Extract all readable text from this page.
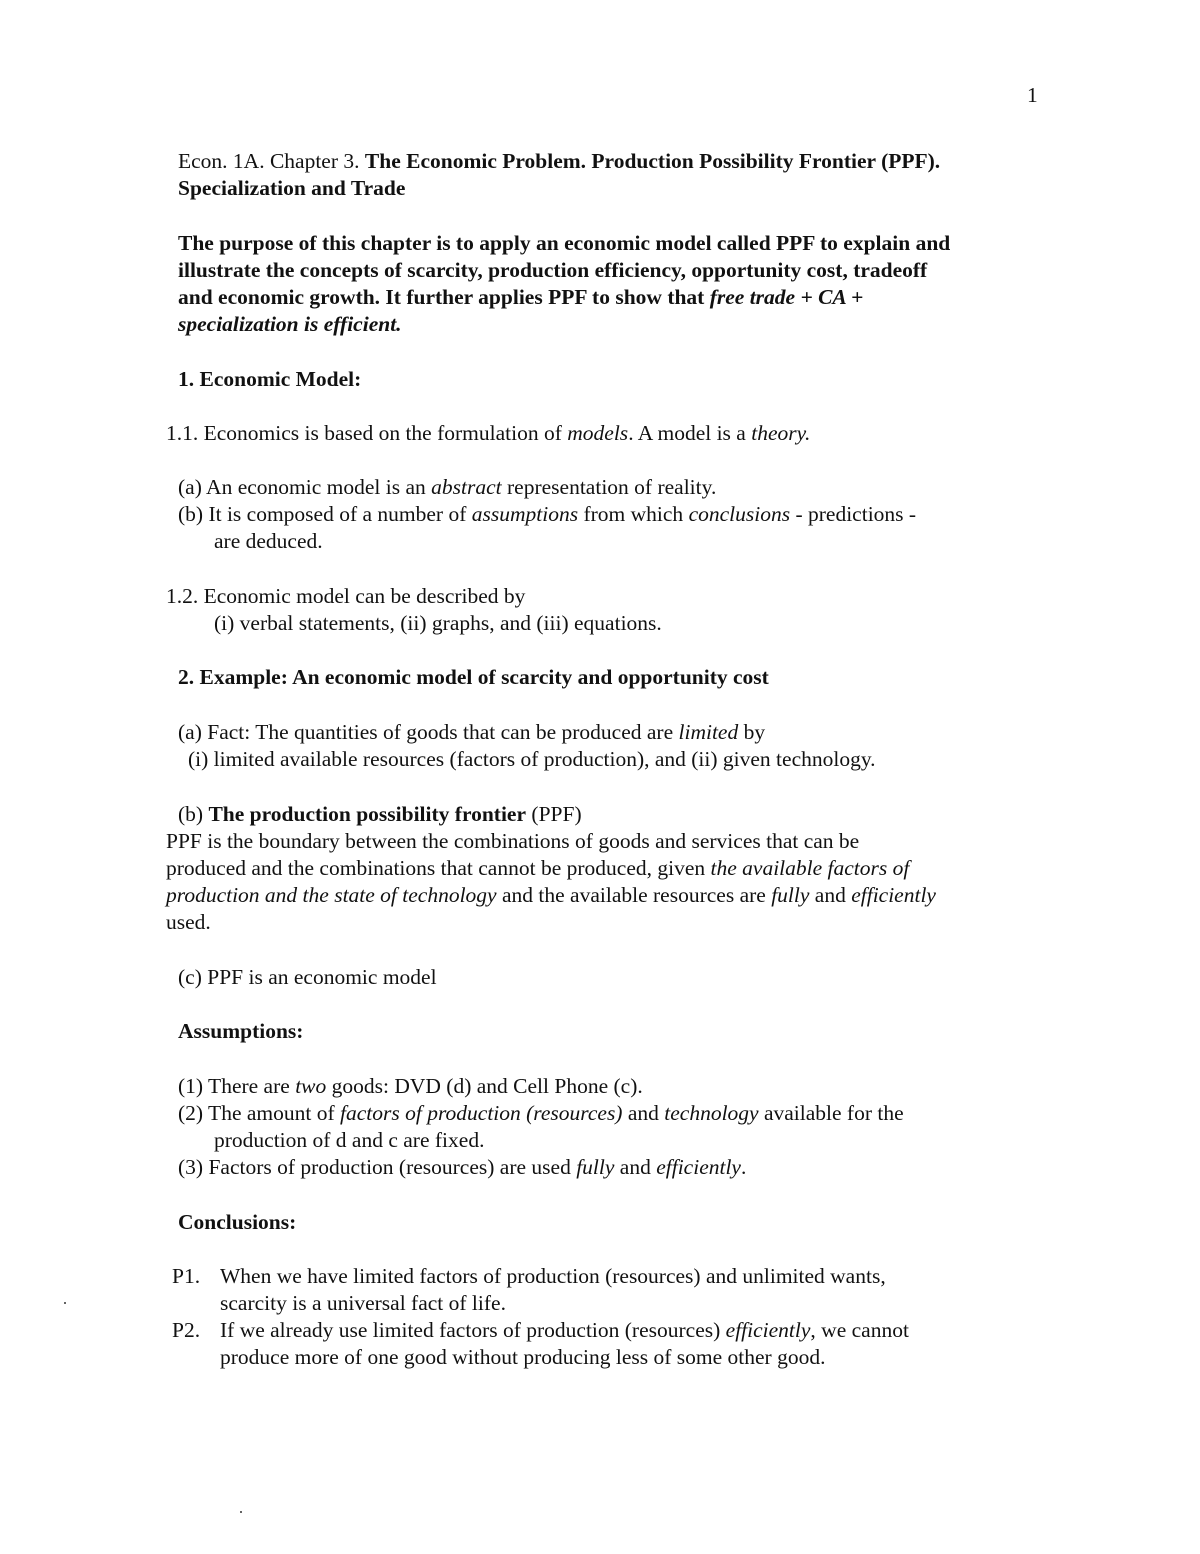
1
Econ. 1A. Chapter 3. The Economic Problem. Production Possibility Frontier (PPF).
Specialization and Trade
The purpose of this chapter is to apply an economic model called PPF to explain and
illustrate the concepts of scarcity, production efficiency, opportunity cost, tradeoff
and economic growth. It further applies PPF to show that free trade + CA +
specialization is efficient.
1. Economic Model:
1.1. Economics is based on the formulation of models. A model is a theory.
(a) An economic model is an abstract representation of reality.
(b) It is composed of a number of assumptions from which conclusions - predictions -
are deduced.
1.2. Economic model can be described by
(i) verbal statements, (ii) graphs, and (iii) equations.
2. Example: An economic model of scarcity and opportunity cost
(a) Fact: The quantities of goods that can be produced are limited by
(i) limited available resources (factors of production), and (ii) given technology.
(b) The production possibility frontier (PPF)
PPF is the boundary between the combinations of goods and services that can be
produced and the combinations that cannot be produced, given the available factors of
production and the state of technology and the available resources are fully and efficiently
used.
(c) PPF is an economic model
Assumptions:
(1) There are two goods: DVD (d) and Cell Phone (c).
(2) The amount of factors of production (resources) and technology available for the
production of d and c are fixed.
(3) Factors of production (resources) are used fully and efficiently.
Conclusions:
P1. When we have limited factors of production (resources) and unlimited wants,
scarcity is a universal fact of life.
P2. If we already use limited factors of production (resources) efficiently, we cannot
produce more of one good without producing less of some other good.
